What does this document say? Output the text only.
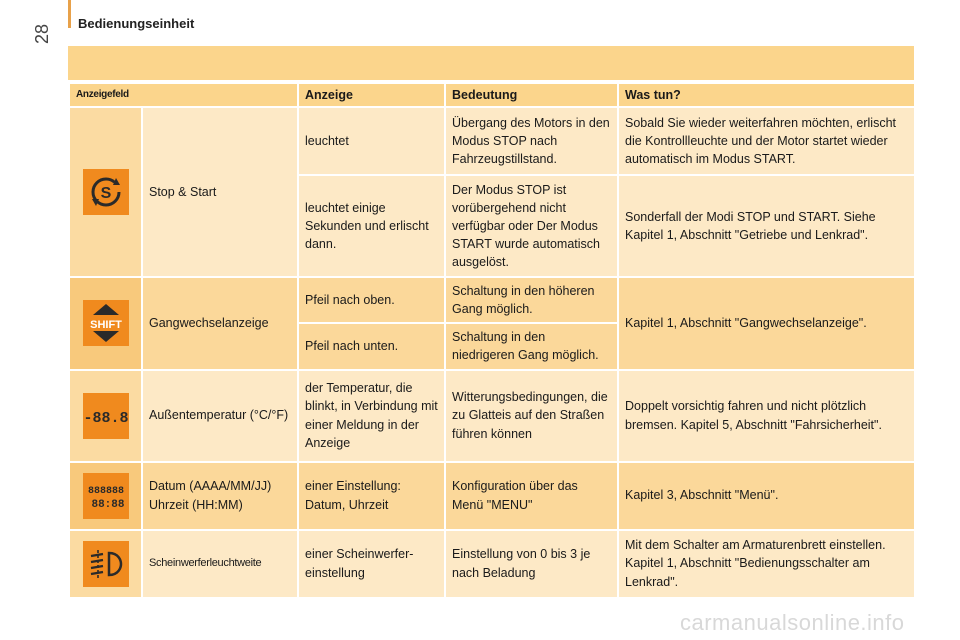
28
Bedienungseinheit
Anzeigefeld		Anzeige	Bedeutung	Was tun?

S	Stop & Start	leuchtet	Übergang des Motors in den Modus STOP nach Fahrzeugstillstand.	Sobald Sie wieder weiterfahren möchten, erlischt die Kontrollleuchte und der Motor startet wieder automatisch im Modus START.
		leuchtet einige Sekunden und erlischt dann.	Der Modus STOP ist vorübergehend nicht verfügbar oder Der Modus START wurde automatisch ausgelöst.	Sonderfall der Modi STOP und START. Siehe Kapitel 1, Abschnitt "Getriebe und Lenkrad".

SHIFT	Gangwechselanzeige	Pfeil nach oben.	Schaltung in den höheren Gang möglich.	Kapitel 1, Abschnitt "Gangwechselanzeige".
		Pfeil nach unten.	Schaltung in den niedrigeren Gang möglich.	

-88.8	Außentemperatur (°C/°F)	der Temperatur, die blinkt, in Verbindung mit einer Meldung in der Anzeige	Witterungsbedingungen, die zu Glatteis auf den Straßen führen können	Doppelt vorsichtig fahren und nicht plötzlich bremsen. Kapitel 5, Abschnitt "Fahrsicherheit".

888888
88:88	Datum (AAAA/MM/JJ) Uhrzeit (HH:MM)	einer Einstellung: Datum, Uhrzeit	Konfiguration über das Menü "MENU"	Kapitel 3, Abschnitt "Menü".

	Scheinwerferleuchtweite	einer Scheinwerfer-einstellung	Einstellung von 0 bis 3 je nach Beladung	Mit dem Schalter am Armaturenbrett einstellen. Kapitel 1, Abschnitt "Bedienungsschalter am Lenkrad".
carmanualsonline.info
